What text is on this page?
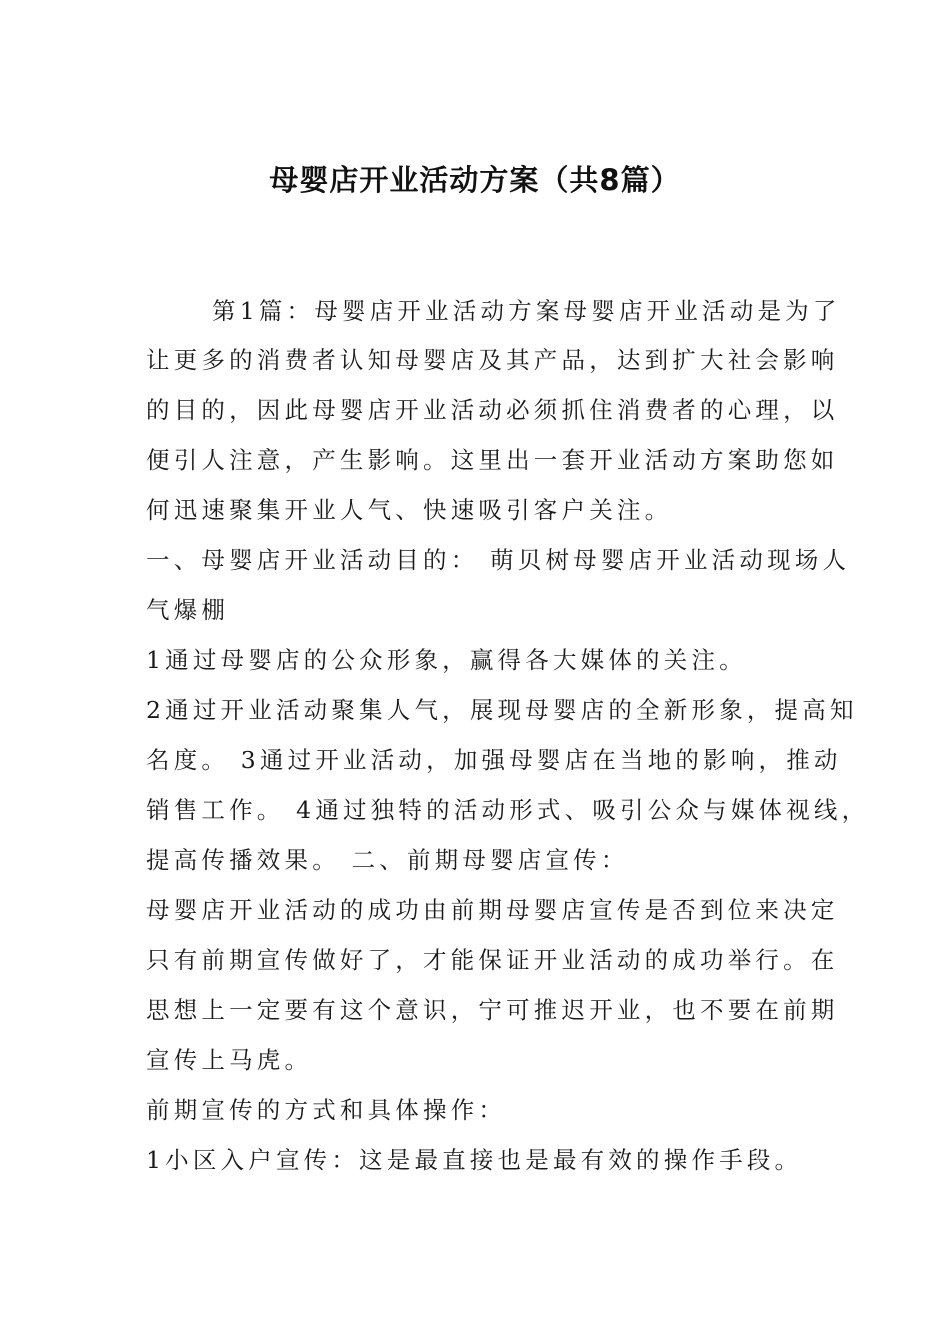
母婴店开业活动方案（共8篇）
第1篇：母婴店开业活动方案母婴店开业活动是为了
让更多的消费者认知母婴店及其产品，达到扩大社会影响
的目的，因此母婴店开业活动必须抓住消费者的心理，以
便引人注意，产生影响。这里出一套开业活动方案助您如
何迅速聚集开业人气、快速吸引客户关注。
一、母婴店开业活动目的： 萌贝树母婴店开业活动现场人
气爆棚
1通过母婴店的公众形象，赢得各大媒体的关注。
2通过开业活动聚集人气，展现母婴店的全新形象，提高知
名度。 3通过开业活动，加强母婴店在当地的影响，推动
销售工作。 4通过独特的活动形式、吸引公众与媒体视线，
提高传播效果。 二、前期母婴店宣传：
母婴店开业活动的成功由前期母婴店宣传是否到位来决定
只有前期宣传做好了，才能保证开业活动的成功举行。在
思想上一定要有这个意识，宁可推迟开业，也不要在前期
宣传上马虎。
前期宣传的方式和具体操作：
1小区入户宣传：这是最直接也是最有效的操作手段。
